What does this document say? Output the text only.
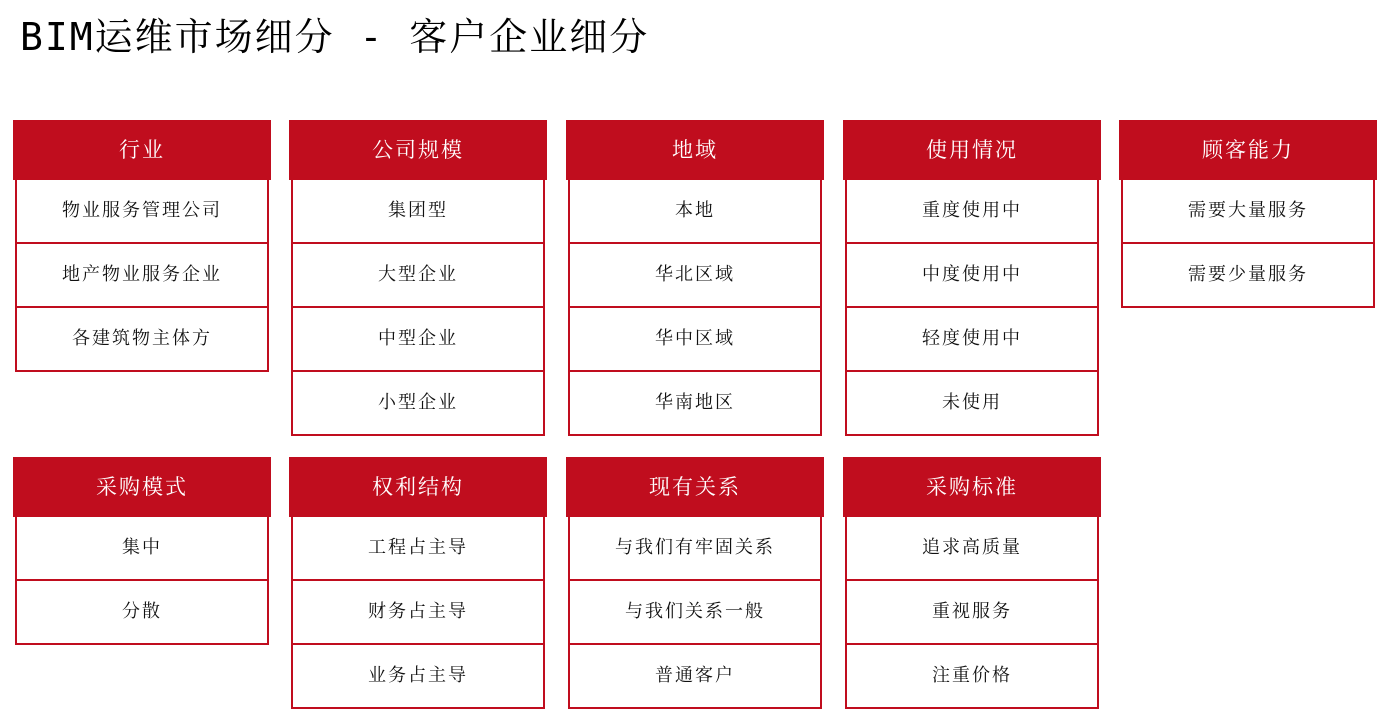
BIM运维市场细分 - 客户企业细分
行业
物业服务管理公司
地产物业服务企业
各建筑物主体方
公司规模
集团型
大型企业
中型企业
小型企业
地域
本地
华北区域
华中区域
华南地区
使用情况
重度使用中
中度使用中
轻度使用中
未使用
顾客能力
需要大量服务
需要少量服务
采购模式
集中
分散
权利结构
工程占主导
财务占主导
业务占主导
现有关系
与我们有牢固关系
与我们关系一般
普通客户
采购标准
追求高质量
重视服务
注重价格
